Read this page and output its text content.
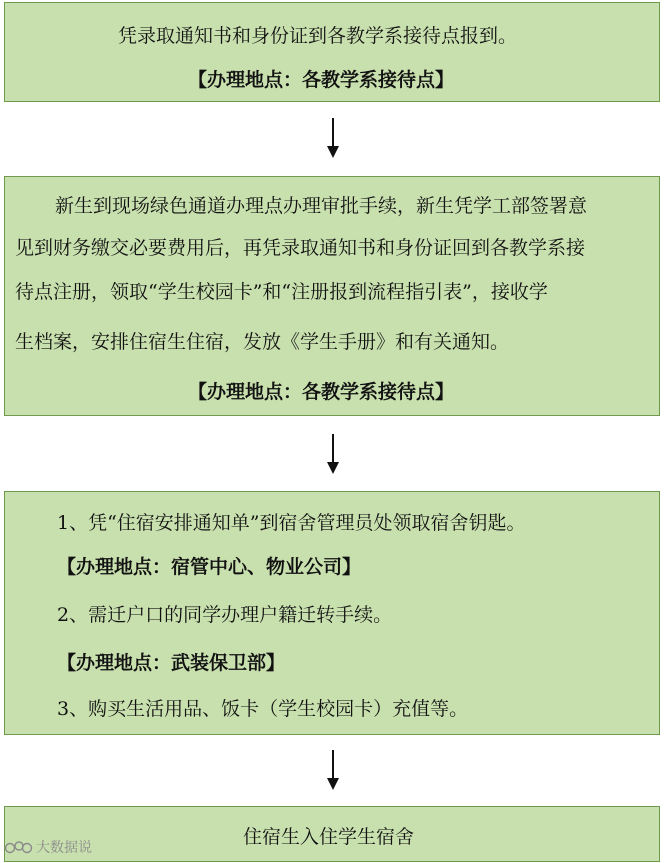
凭录取通知书和身份证到各教学系接待点报到。
【办理地点：各教学系接待点】
新生到现场绿色通道办理点办理审批手续，新生凭学工部签署意
见到财务缴交必要费用后，再凭录取通知书和身份证回到各教学系接
待点注册，领取“学生校园卡”和“注册报到流程指引表”，接收学
生档案，安排住宿生住宿，发放《学生手册》和有关通知。
【办理地点：各教学系接待点】
1、凭“住宿安排通知单”到宿舍管理员处领取宿舍钥匙。
【办理地点：宿管中心、物业公司】
2、需迁户口的同学办理户籍迁转手续。
【办理地点：武装保卫部】
3、购买生活用品、饭卡（学生校园卡）充值等。
住宿生入住学生宿舍
大数据说
